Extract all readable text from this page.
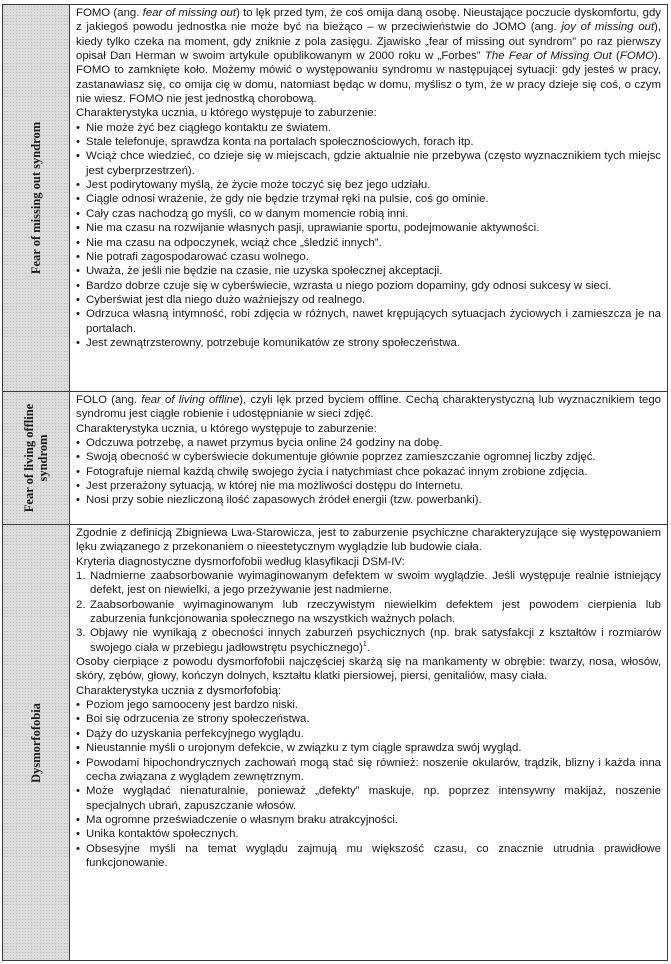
Fear of missing out syndrom

FOMO (ang. fear of missing out) to lęk przed tym, że coś omija daną osobę. Nieustające poczucie dyskomfortu, gdy z jakiegoś powodu jednostka nie może być na bieżąco – w przeciwieństwie do JOMO (ang. joy of missing out), kiedy tylko czeka na moment, gdy zniknie z pola zasięgu. Zjawisko „fear of missing out syndrom” po raz pierwszy opisał Dan Herman w swoim artykule opublikowanym w 2000 roku w „Forbes” The Fear of Missing Out (FOMO). FOMO to zamknięte koło. Możemy mówić o występowaniu syndromu w następującej sytuacji: gdy jesteś w pracy, zastanawiasz się, co omija cię w domu, natomiast będąc w domu, myślisz o tym, że w pracy dzieje się coś, o czym nie wiesz. FOMO nie jest jednostką chorobową.

Charakterystyka ucznia, u którego występuje to zaburzenie:

• Nie może żyć bez ciągłego kontaktu ze światem.
• Stale telefonuje, sprawdza konta na portalach społecznościowych, forach itp.
• Wciąż chce wiedzieć, co dzieje się w miejscach, gdzie aktualnie nie przebywa (często wyznacznikiem tych miejsc jest cyberprzestrzeń).
• Jest podirytowany myślą, że życie może toczyć się bez jego udziału.
• Ciągle odnosi wrażenie, że gdy nie będzie trzymał ręki na pulsie, coś go ominie.
• Cały czas nachodzą go myśli, co w danym momencie robią inni.
• Nie ma czasu na rozwijanie własnych pasji, uprawianie sportu, podejmowanie aktywności.
• Nie ma czasu na odpoczynek, wciąż chce „śledzić innych”.
• Nie potrafi zagospodarować czasu wolnego.
• Uważa, że jeśli nie będzie na czasie, nie uzyska społecznej akceptacji.
• Bardzo dobrze czuje się w cyberświecie, wzrasta u niego poziom dopaminy, gdy odnosi sukcesy w sieci.
• Cyberświat jest dla niego dużo ważniejszy od realnego.
• Odrzuca własną intymność, robi zdjęcia w różnych, nawet krępujących sytuacjach życiowych i zamieszcza je na portalach.
• Jest zewnątrzsterowny, potrzebuje komunikatów ze strony społeczeństwa.
Fear of living offline syndrom

FOLO (ang. fear of living offline), czyli lęk przed byciem offline. Cechą charakterystyczną lub wyznacznikiem tego syndromu jest ciągłe robienie i udostępnianie w sieci zdjęć.

Charakterystyka ucznia, u którego występuje to zaburzenie:

• Odczuwa potrzebę, a nawet przymus bycia online 24 godziny na dobę.
• Swoją obecność w cyberświecie dokumentuje głównie poprzez zamieszczanie ogromnej liczby zdjęć.
• Fotografuje niemal każdą chwilę swojego życia i natychmiast chce pokazać innym zrobione zdjęcia.
• Jest przerażony sytuacją, w której nie ma możliwości dostępu do Internetu.
• Nosi przy sobie niezliczoną ilość zapasowych źródeł energii (tzw. powerbanki).
Dysmorfofobia

Zgodnie z definicją Zbigniewa Lwa-Starowicza, jest to zaburzenie psychiczne charakteryzujące się występowaniem lęku związanego z przekonaniem o nieestetycznym wyglądzie lub budowie ciała.

Kryteria diagnostyczne dysmorfofobii według klasyfikacji DSM-IV:

1. Nadmierne zaabsorbowanie wyimaginowanym defektem w swoim wyglądzie. Jeśli występuje realnie istniejący defekt, jest on niewielki, a jego przeżywanie jest nadmierne.
2. Zaabsorbowanie wyimaginowanym lub rzeczywistym niewielkim defektem jest powodem cierpienia lub zaburzenia funkcjonowania społecznego na wszystkich ważnych polach.
3. Objawy nie wynikają z obecności innych zaburzeń psychicznych (np. brak satysfakcji z kształtów i rozmiarów swojego ciała w przebiegu jadłowstrętu psychicznego)$^1$.

Osoby cierpiące z powodu dysmorfofobii najczęściej skarżą się na mankamenty w obrębie: twarzy, nosa, włosów, skóry, zębów, głowy, kończyn dolnych, kształtu klatki piersiowej, piersi, genitaliów, masy ciała.

Charakterystyka ucznia z dysmorfofobią:

• Poziom jego samooceny jest bardzo niski.
• Boi się odrzucenia ze strony społeczeństwa.
• Dąży do uzyskania perfekcyjnego wyglądu.
• Nieustannie myśli o urojonym defekcie, w związku z tym ciągle sprawdza swój wygląd.
• Powodami hipochondrycznych zachowań mogą stać się również: noszenie okularów, trądzik, blizny i każda inna cecha związana z wyglądem zewnętrznym.
• Może wyglądać nienaturalnie, ponieważ „defekty” maskuje, np. poprzez intensywny makijaż, noszenie specjalnych ubrań, zapuszczanie włosów.
• Ma ogromne przeświadczenie o własnym braku atrakcyjności.
• Unika kontaktów społecznych.
• Obsesyjne myśli na temat wyglądu zajmują mu większość czasu, co znacznie utrudnia prawidłowe funkcjonowanie.
